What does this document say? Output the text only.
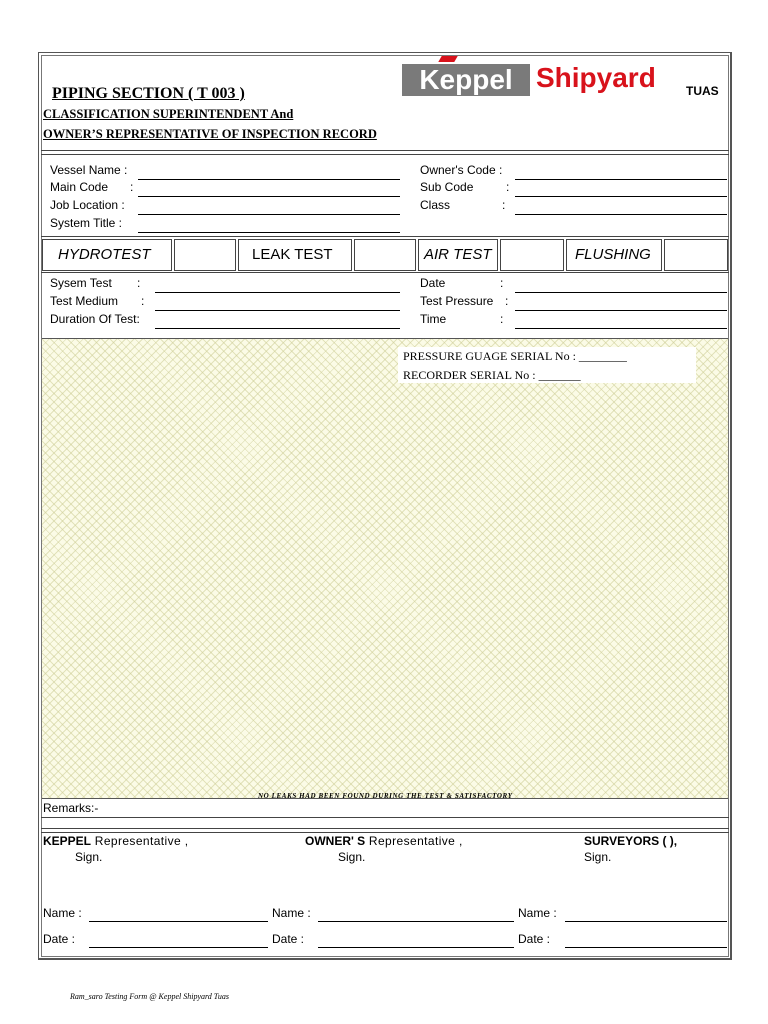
PIPING SECTION ( T 003 )
CLASSIFICATION SUPERINTENDENT And
OWNER’S REPRESENTATIVE OF INSPECTION RECORD
Keppel Shipyard	TUAS
Vessel Name :
Main Code :
Job Location :
System Title :
Owner's Code :
Sub Code	:
Class	:
HYDROTEST	LEAK TEST	AIR TEST	FLUSHING
Sysem Test :
Test Medium :
Duration Of Test:
Date	:
Test Pressure :
Time	:
PRESSURE GUAGE SERIAL No : ________
RECORDER SERIAL No : _______
NO LEAKS HAD BEEN FOUND DURING THE TEST & SATISFACTORY
Remarks:-
KEPPEL Representative ,
Sign.
OWNER' S Representative ,
Sign.
SURVEYORS ( ),
Sign.
Name :
Date :
Name :
Date :
Name :
Date :
Ram_saro Testing Form @ Keppel Shipyard Tuas
